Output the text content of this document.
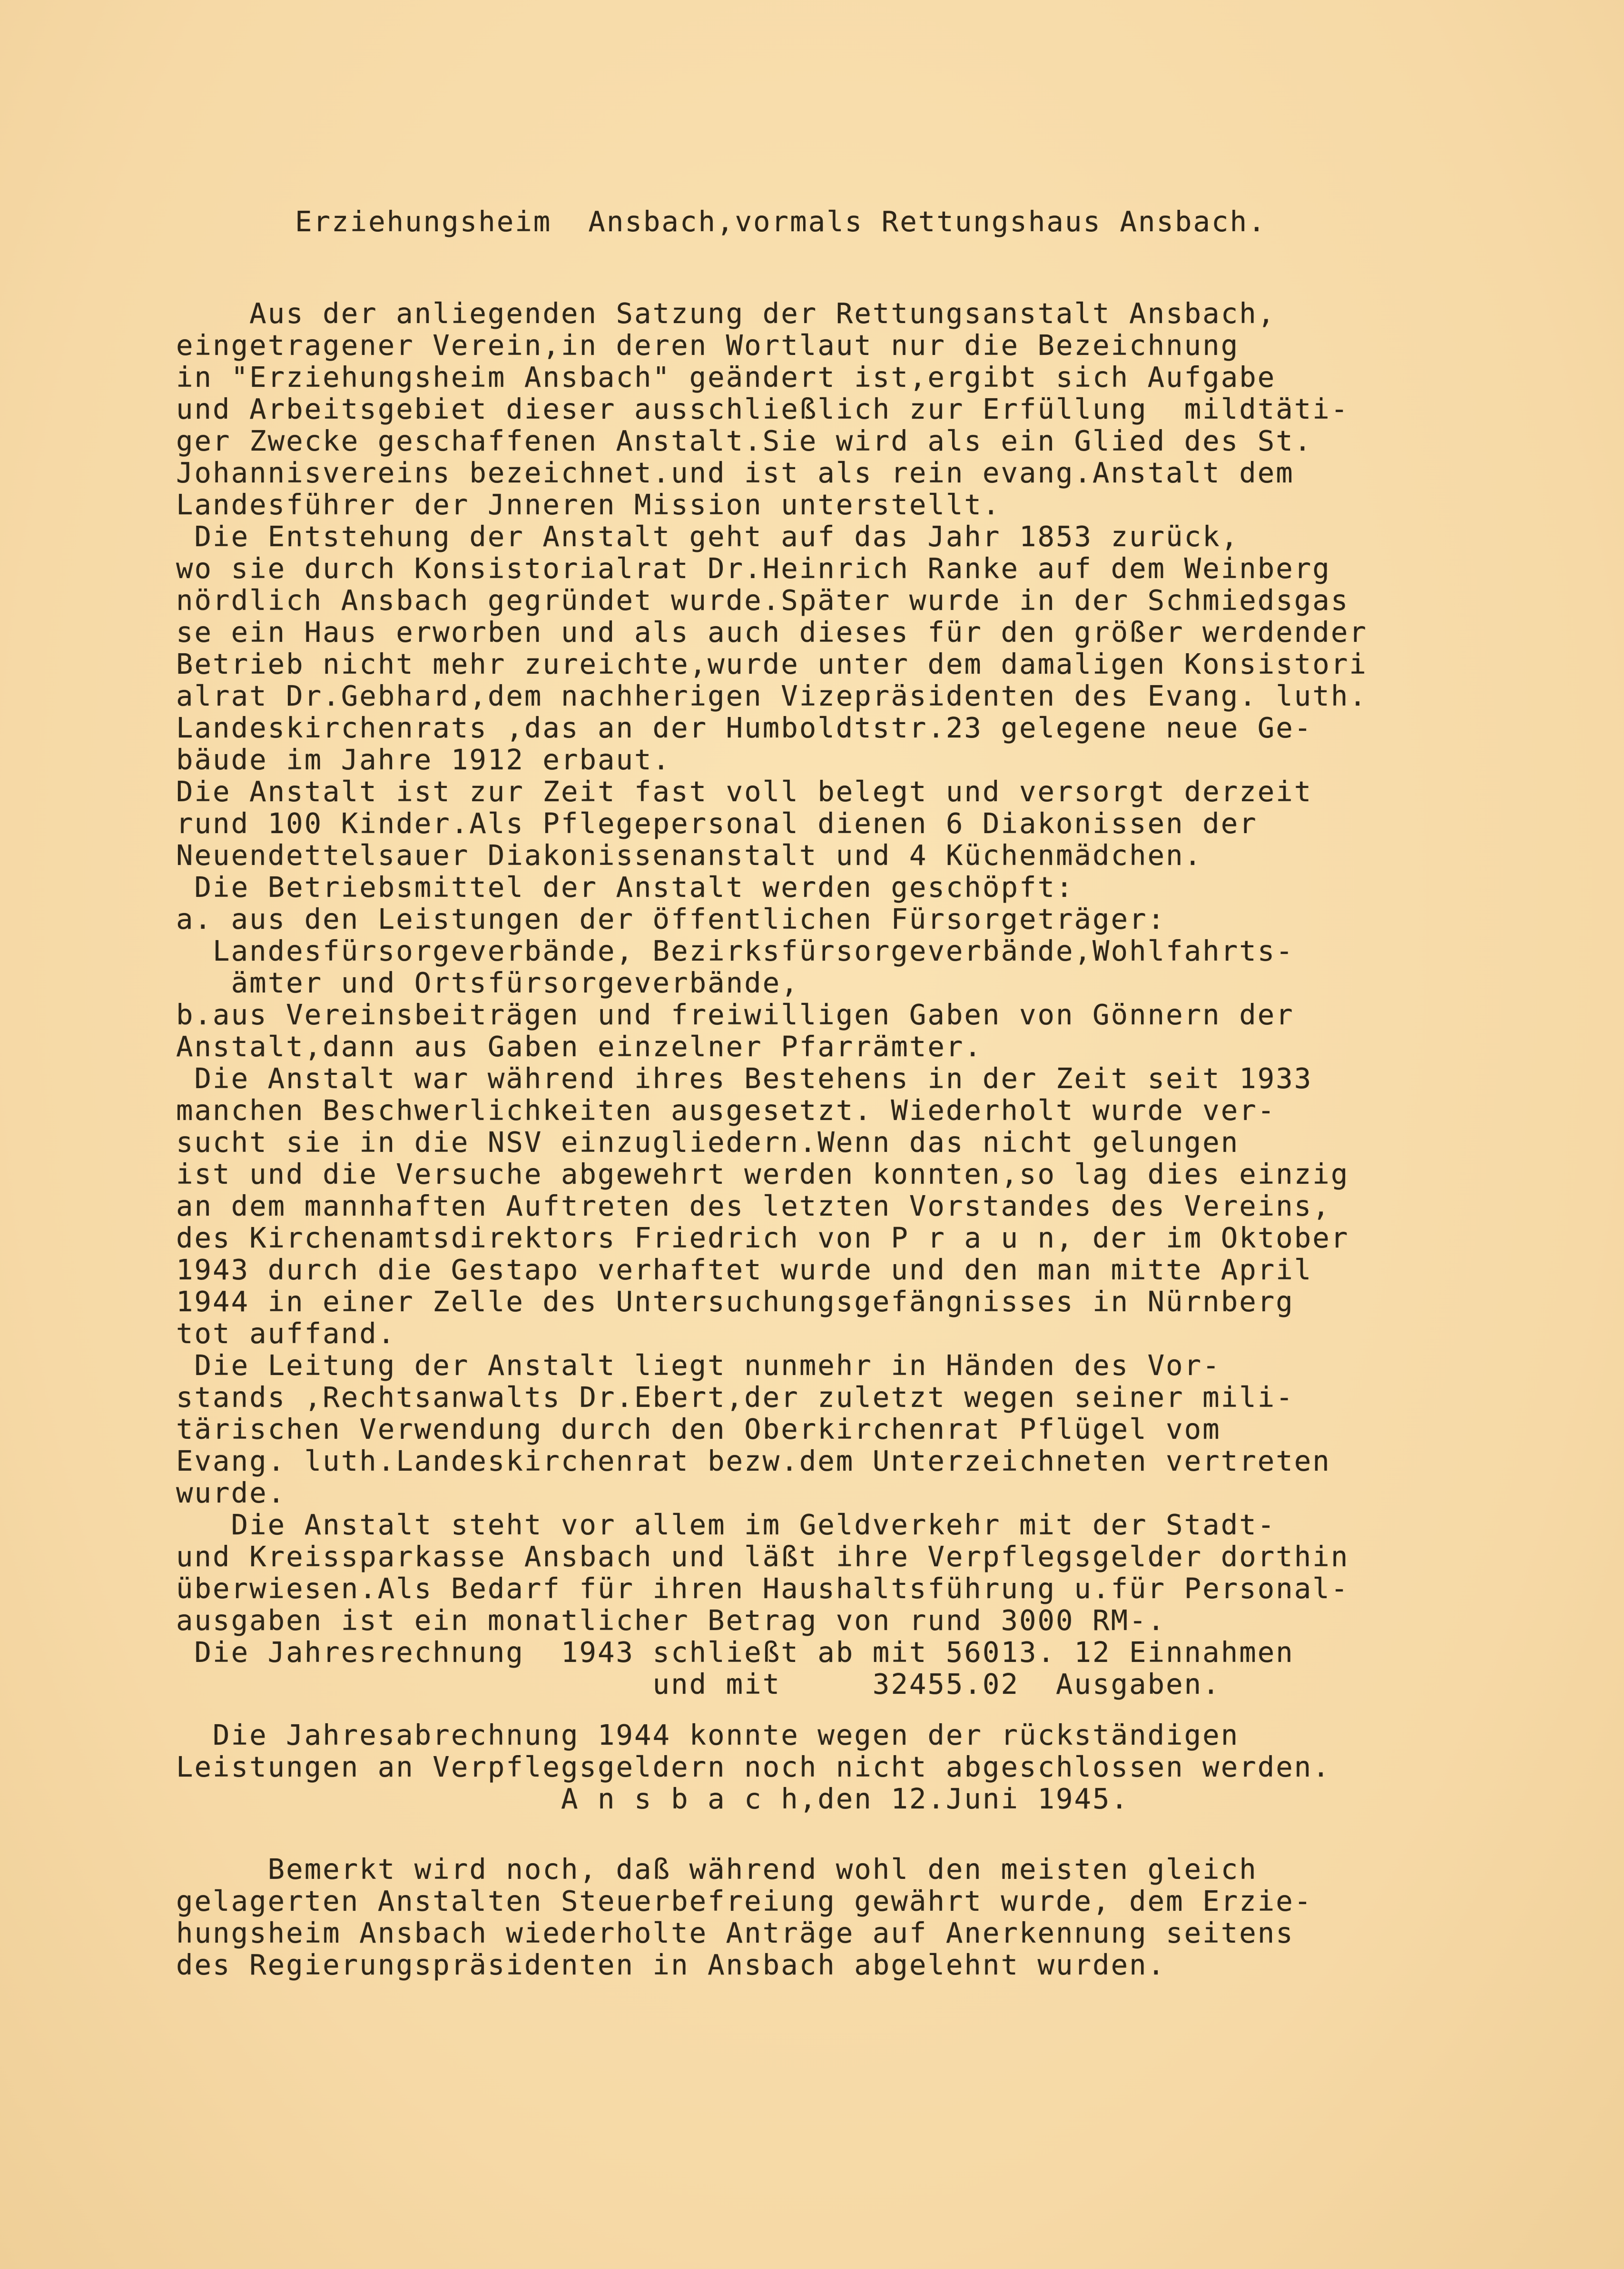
Erziehungsheim  Ansbach,vormals Rettungshaus Ansbach.

Aus der anliegenden Satzung der Rettungsanstalt Ansbach,
eingetragener Verein,in deren Wortlaut nur die Bezeichnung
in "Erziehungsheim Ansbach" geändert ist,ergibt sich Aufgabe
und Arbeitsgebiet dieser ausschließlich zur Erfüllung  mildtäti-
ger Zwecke geschaffenen Anstalt.Sie wird als ein Glied des St.
Johannisvereins bezeichnet.und ist als rein evang.Anstalt dem
Landesführer der Jnneren Mission unterstellt.
Die Entstehung der Anstalt geht auf das Jahr 1853 zurück,
wo sie durch Konsistorialrat Dr.Heinrich Ranke auf dem Weinberg
nördlich Ansbach gegründet wurde.Später wurde in der Schmiedsgas
se ein Haus erworben und als auch dieses für den größer werdender
Betrieb nicht mehr zureichte,wurde unter dem damaligen Konsistori
alrat Dr.Gebhard,dem nachherigen Vizepräsidenten des Evang. luth.
Landeskirchenrats ,das an der Humboldtstr.23 gelegene neue Ge-
bäude im Jahre 1912 erbaut.
Die Anstalt ist zur Zeit fast voll belegt und versorgt derzeit
rund 100 Kinder.Als Pflegepersonal dienen 6 Diakonissen der
Neuendettelsauer Diakonissenanstalt und 4 Küchenmädchen.
Die Betriebsmittel der Anstalt werden geschöpft:
a. aus den Leistungen der öffentlichen Fürsorgeträger:
Landesfürsorgeverbände, Bezirksfürsorgeverbände,Wohlfahrts-
ämter und Ortsfürsorgeverbände,
b.aus Vereinsbeiträgen und freiwilligen Gaben von Gönnern der
Anstalt,dann aus Gaben einzelner Pfarrämter.
Die Anstalt war während ihres Bestehens in der Zeit seit 1933
manchen Beschwerlichkeiten ausgesetzt. Wiederholt wurde ver-
sucht sie in die NSV einzugliedern.Wenn das nicht gelungen
ist und die Versuche abgewehrt werden konnten,so lag dies einzig
an dem mannhaften Auftreten des letzten Vorstandes des Vereins,
des Kirchenamtsdirektors Friedrich von P r a u n, der im Oktober
1943 durch die Gestapo verhaftet wurde und den man mitte April
1944 in einer Zelle des Untersuchungsgefängnisses in Nürnberg
tot auffand.
Die Leitung der Anstalt liegt nunmehr in Händen des Vor-
stands ,Rechtsanwalts Dr.Ebert,der zuletzt wegen seiner mili-
tärischen Verwendung durch den Oberkirchenrat Pflügel vom
Evang. luth.Landeskirchenrat bezw.dem Unterzeichneten vertreten
wurde.
Die Anstalt steht vor allem im Geldverkehr mit der Stadt-
und Kreissparkasse Ansbach und läßt ihre Verpflegsgelder dorthin
überwiesen.Als Bedarf für ihren Haushaltsführung u.für Personal-
ausgaben ist ein monatlicher Betrag von rund 3000 RM-.
Die Jahresrechnung  1943 schließt ab mit 56013. 12 Einnahmen
und mit     32455.02  Ausgaben.
Die Jahresabrechnung 1944 konnte wegen der rückständigen
Leistungen an Verpflegsgeldern noch nicht abgeschlossen werden.
A n s b a c h,den 12.Juni 1945.
Bemerkt wird noch, daß während wohl den meisten gleich
gelagerten Anstalten Steuerbefreiung gewährt wurde, dem Erzie-
hungsheim Ansbach wiederholte Anträge auf Anerkennung seitens
des Regierungspräsidenten in Ansbach abgelehnt wurden.
